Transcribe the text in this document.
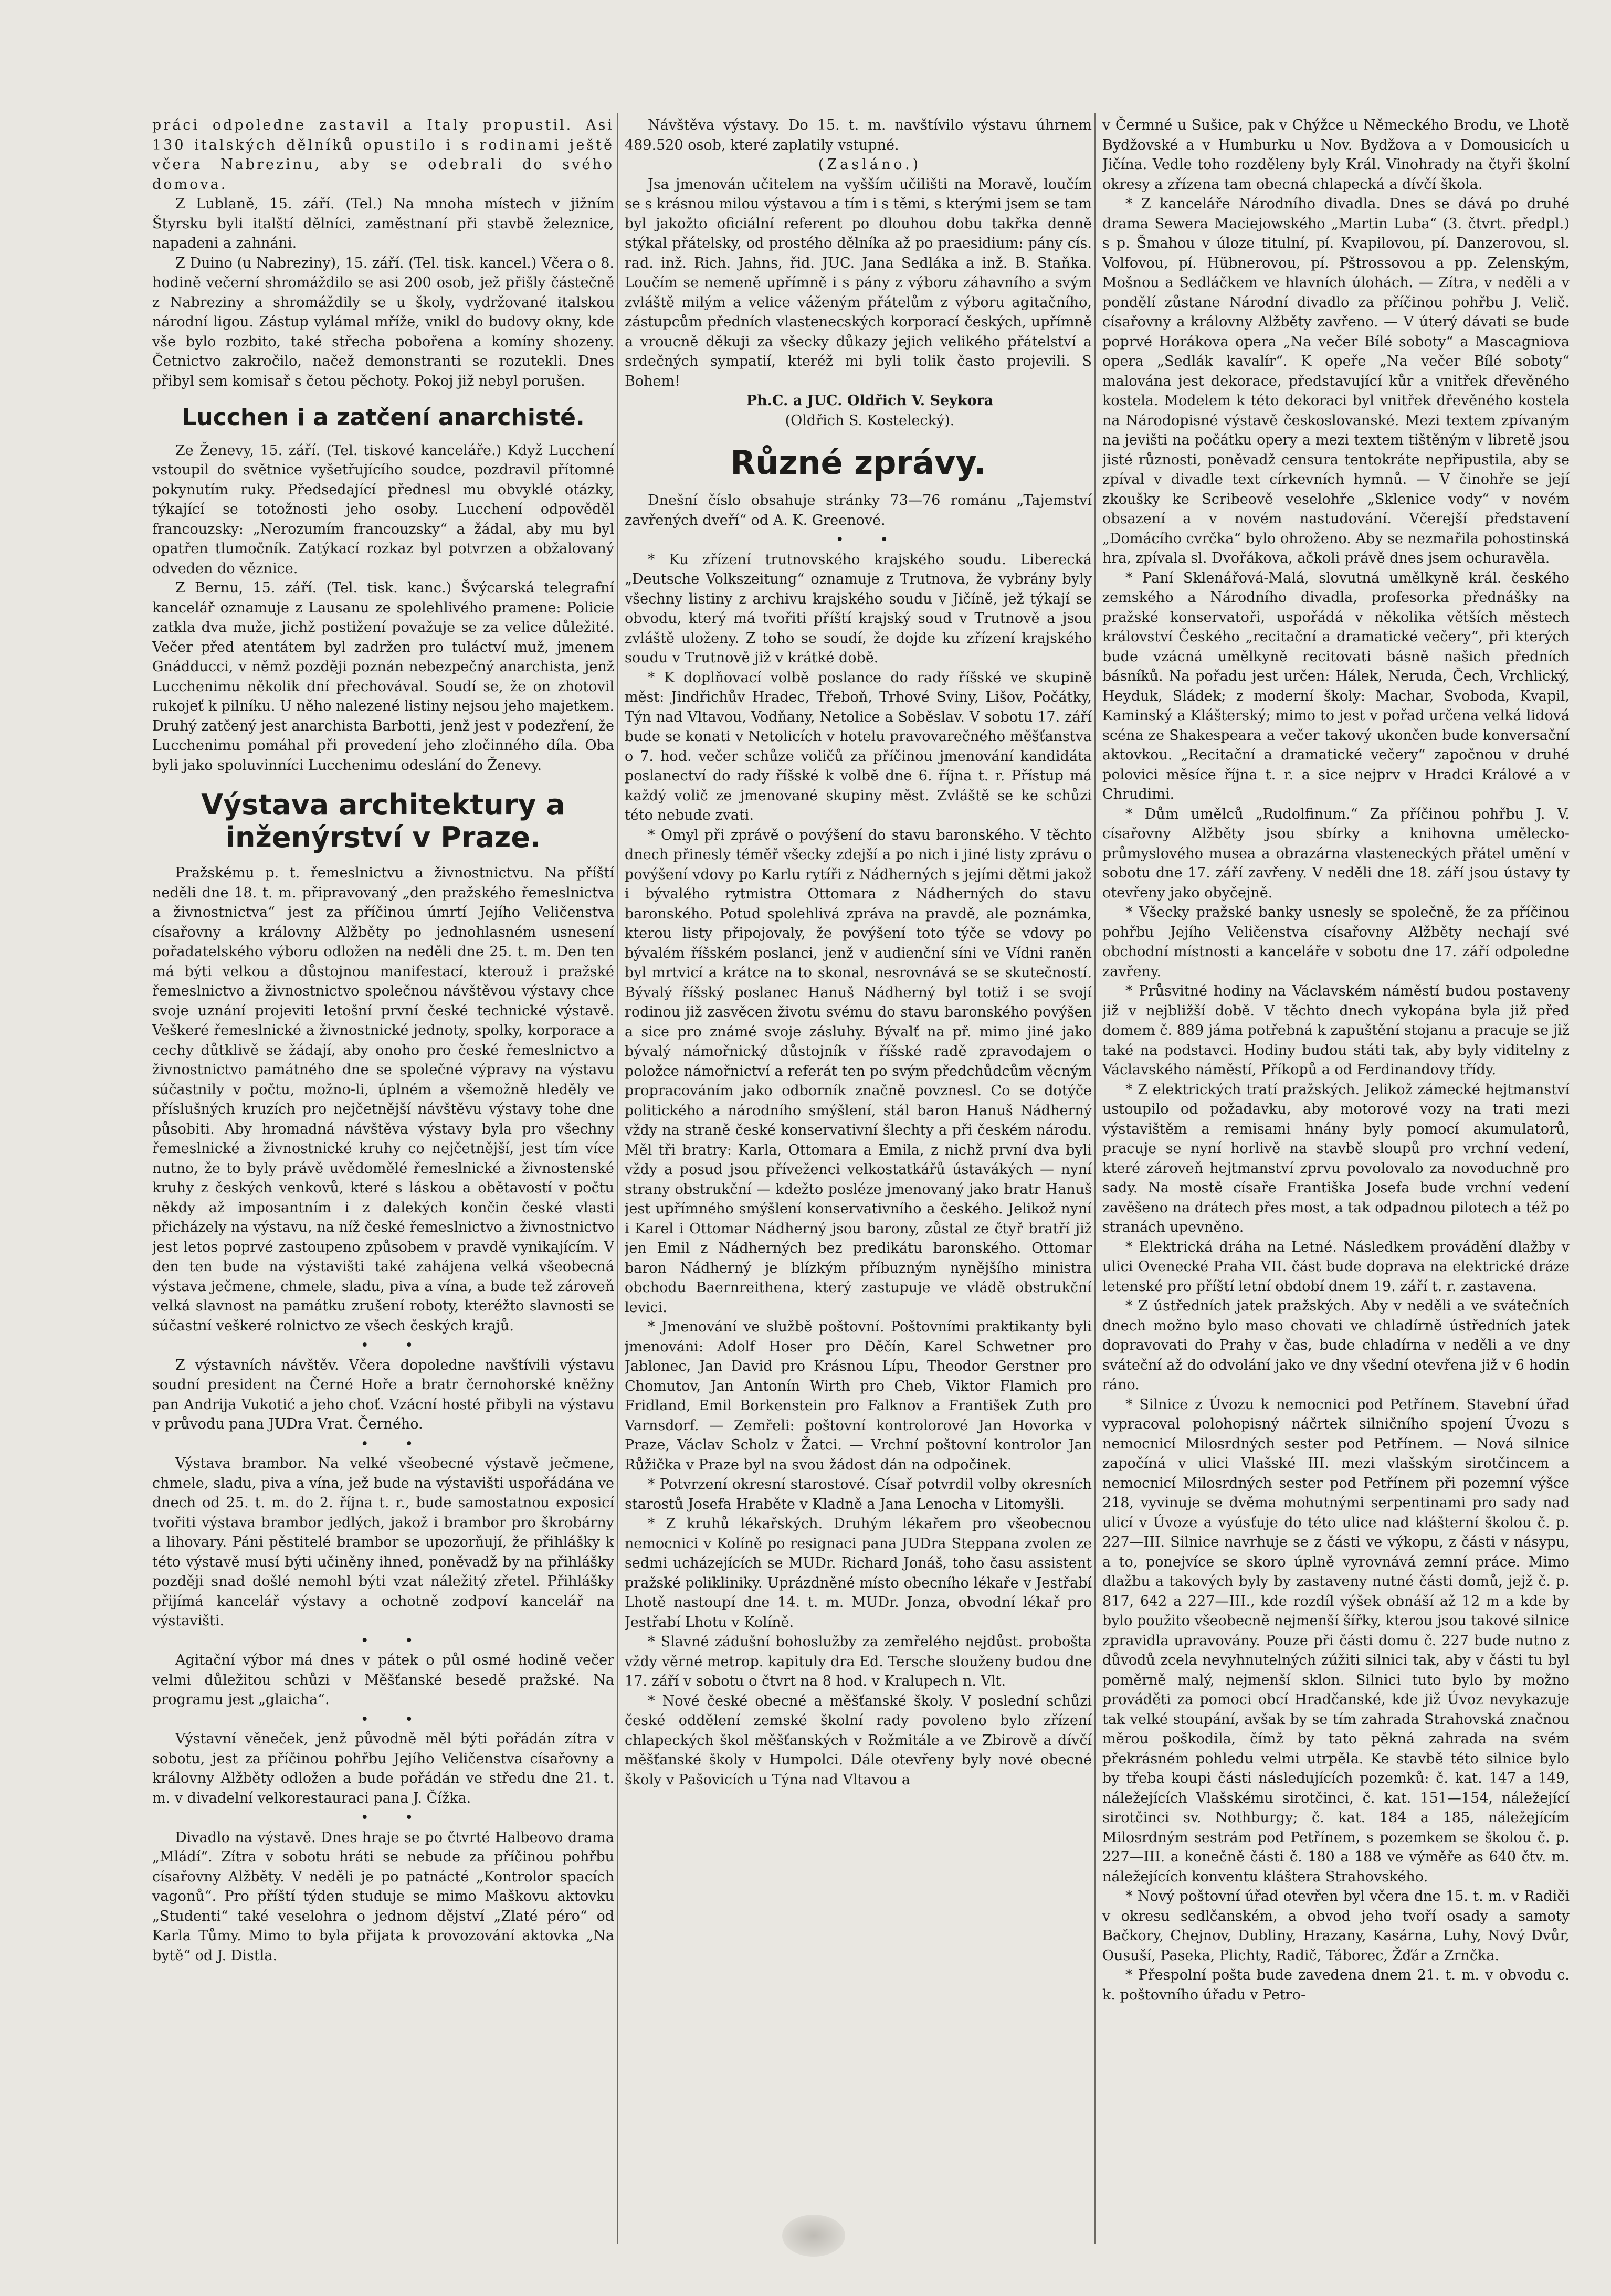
práci odpoledne zastavil a Italy propustil. Asi 130 italských dělníků opustilo i s rodinami ještě včera Nabrezinu, aby se odebrali do svého domova.

Z Lublaně, 15. září. (Tel.) Na mnoha místech v jižním Štyrsku byli italští dělníci, zaměstnaní při stavbě železnice, napadeni a zahnáni.

Z Duino (u Nabreziny), 15. září. (Tel. tisk. kancel.) Včera o 8. hodině večerní shromáždilo se asi 200 osob, jež přišly částečně z Nabreziny a shromáždily se u školy, vydržované italskou národní ligou. Zástup vylámal mříže, vnikl do budovy okny, kde vše bylo rozbito, také střecha pobořena a komíny shozeny. Četnictvo zakročilo, načež demonstranti se rozutekli. Dnes přibyl sem komisař s četou pěchoty. Pokoj již nebyl porušen.

Lucchen i a zatčení anarchisté.

Ze Ženevy, 15. září. (Tel. tiskové kanceláře.) Když Lucchení vstoupil do světnice vyšetřujícího soudce, pozdravil přítomné pokynutím ruky. Předsedající přednesl mu obvyklé otázky, týkající se totožnosti jeho osoby. Lucchení odpověděl francouzsky: „Nerozumím francouzsky“ a žádal, aby mu byl opatřen tlumočník. Zatýkací rozkaz byl potvrzen a obžalovaný odveden do věznice.

Z Bernu, 15. září. (Tel. tisk. kanc.) Švýcarská telegrafní kancelář oznamuje z Lausanu ze spolehlivého pramene: Policie zatkla dva muže, jichž postižení považuje se za velice důležité. Večer před atentátem byl zadržen pro tuláctví muž, jmenem Gnádducci, v němž později poznán nebezpečný anarchista, jenž Lucchenimu několik dní přechovával. Soudí se, že on zhotovil rukojeť k pilníku. U něho nalezené listiny nejsou jeho majetkem. Druhý zatčený jest anarchista Barbotti, jenž jest v podezření, že Lucchenimu pomáhal při provedení jeho zločinného díla. Oba byli jako spoluvinníci Lucchenimu odeslání do Ženevy.

Výstava architektury a inženýrství v Praze.

Pražskému p. t. řemeslnictvu a živnostnictvu. Na příští neděli dne 18. t. m. připravovaný „den pražského řemeslnictva a živnostnictva“ jest za příčinou úmrtí Jejího Veličenstva císařovny a královny Alžběty po jednohlasném usnesení pořadatelského výboru odložen na neděli dne 25. t. m. Den ten má býti velkou a důstojnou manifestací, kterouž i pražské řemeslnictvo a živnostnictvo společnou návštěvou výstavy chce svoje uznání projeviti letošní první české technické výstavě. Veškeré řemeslnické a živnostnické jednoty, spolky, korporace a cechy důtklivě se žádají, aby onoho pro české řemeslnictvo a živnostnictvo památného dne se společné výpravy na výstavu súčastnily v počtu, možno-li, úplném a všemožně hleděly ve příslušných kruzích pro nejčetnější návštěvu výstavy tohe dne působiti. Aby hromadná návštěva výstavy byla pro všechny řemeslnické a živnostnické kruhy co nejčetnější, jest tím více nutno, že to byly právě uvědomělé řemeslnické a živnostenské kruhy z českých venkovů, které s láskou a obětavostí v počtu někdy až imposantním i z dalekých končin české vlasti přicházely na výstavu, na níž české řemeslnictvo a živnostnictvo jest letos poprvé zastoupeno způsobem v pravdě vynikajícím. V den ten bude na výstavišti také zahájena velká všeobecná výstava ječmene, chmele, sladu, piva a vína, a bude tež zároveň velká slavnost na památku zrušení roboty, kteréžto slavnosti se súčastní veškeré rolnictvo ze všech českých krajů.

• •

Z výstavních návštěv. Včera dopoledne navštívili výstavu soudní president na Černé Hoře a bratr černohorské kněžny pan Andrija Vukotić a jeho choť. Vzácní hosté přibyli na výstavu v průvodu pana JUDra Vrat. Černého.

• •

Výstava brambor. Na velké všeobecné výstavě ječmene, chmele, sladu, piva a vína, jež bude na výstavišti uspořádána ve dnech od 25. t. m. do 2. října t. r., bude samostatnou exposicí tvořiti výstava brambor jedlých, jakož i brambor pro škrobárny a lihovary. Páni pěstitelé brambor se upozorňují, že přihlášky k této výstavě musí býti učiněny ihned, poněvadž by na přihlášky později snad došlé nemohl býti vzat náležitý zřetel. Přihlášky přijímá kancelář výstavy a ochotně zodpoví kancelář na výstavišti.

• •

Agitační výbor má dnes v pátek o půl osmé hodině večer velmi důležitou schůzi v Měšťanské besedě pražské. Na programu jest „glaicha“.

• •

Výstavní věneček, jenž původně měl býti pořádán zítra v sobotu, jest za příčinou pohřbu Jejího Veličenstva císařovny a královny Alžběty odložen a bude pořádán ve středu dne 21. t. m. v divadelní velkorestauraci pana J. Čížka.

• •

Divadlo na výstavě. Dnes hraje se po čtvrté Halbeovo drama „Mládí“. Zítra v sobotu hráti se nebude za příčinou pohřbu císařovny Alžběty. V neděli je po patnácté „Kontrolor spacích vagonů“. Pro příští týden studuje se mimo Maškovu aktovku „Studenti“ také veselohra o jednom dějství „Zlaté péro“ od Karla Tůmy. Mimo to byla přijata k provozování aktovka „Na bytě“ od J. Distla.

Návštěva výstavy. Do 15. t. m. navštívilo výstavu úhrnem 489.520 osob, které zaplatily vstupné.

(Zasláno.)

Jsa jmenován učitelem na vyšším učilišti na Moravě, loučím se s krásnou milou výstavou a tím i s těmi, s kterými jsem se tam byl jakožto oficiální referent po dlouhou dobu takřka denně stýkal přátelsky, od prostého dělníka až po praesidium: pány cís. rad. inž. Rich. Jahns, řid. JUC. Jana Sedláka a inž. B. Staňka. Loučím se nemeně upřímně i s pány z výboru záhavního a svým zvláště milým a velice váženým přátelům z výboru agitačního, zástupcům předních vlastenecských korporací českých, upřímně a vroucně děkuji za všecky důkazy jejich velikého přátelství a srdečných sympatií, kteréž mi byli tolik často projevili. S Bohem!

Ph.C. a JUC. Oldřich V. Seykora

(Oldřich S. Kostelecký).

Různé zprávy.

Dnešní číslo obsahuje stránky 73—76 románu „Tajemství zavřených dveří“ od A. K. Greenové.

• •

* Ku zřízení trutnovského krajského soudu. Liberecká „Deutsche Volkszeitung“ oznamuje z Trutnova, že vybrány byly všechny listiny z archivu krajského soudu v Jičíně, jež týkají se obvodu, který má tvořiti příští krajský soud v Trutnově a jsou zvláště uloženy. Z toho se soudí, že dojde ku zřízení krajského soudu v Trutnově již v krátké době.

* K doplňovací volbě poslance do rady říšské ve skupině měst: Jindřichův Hradec, Třeboň, Trhové Sviny, Lišov, Počátky, Týn nad Vltavou, Vodňany, Netolice a Soběslav. V sobotu 17. září bude se konati v Netolicích v hotelu pravovarečného měšťanstva o 7. hod. večer schůze voličů za příčinou jmenování kandidáta poslanectví do rady říšské k volbě dne 6. října t. r. Přístup má každý volič ze jmenované skupiny měst. Zvláště se ke schůzi této nebude zvati.

* Omyl při zprávě o povýšení do stavu baronského. V těchto dnech přinesly téměř všecky zdejší a po nich i jiné listy zprávu o povýšení vdovy po Karlu rytíři z Nádherných s jejími dětmi jakož i bývalého rytmistra Ottomara z Nádherných do stavu baronského. Potud spolehlivá zpráva na pravdě, ale poznámka, kterou listy připojovaly, že povýšení toto týče se vdovy po bývalém říšském poslanci, jenž v audienční síni ve Vídni raněn byl mrtvicí a krátce na to skonal, nesrovnává se se skutečností. Bývalý říšský poslanec Hanuš Nádherný byl totiž i se svojí rodinou již zasvěcen životu svému do stavu baronského povýšen a sice pro známé svoje zásluhy. Bývalť na př. mimo jiné jako bývalý námořnický důstojník v říšské radě zpravodajem o položce námořnictví a referát ten po svým předchůdcům věcným propracováním jako odborník značně povznesl. Co se dotýče politického a národního smýšlení, stál baron Hanuš Nádherný vždy na straně české konservativní šlechty a při českém národu. Měl tři bratry: Karla, Ottomara a Emila, z nichž první dva byli vždy a posud jsou příveženci velkostatkářů ústavákých — nyní strany obstrukční — kdežto posléze jmenovaný jako bratr Hanuš jest upřímného smýšlení konservativního a českého. Jelikož nyní i Karel i Ottomar Nádherný jsou barony, zůstal ze čtyř bratří již jen Emil z Nádherných bez predikátu baronského. Ottomar baron Nádherný je blízkým příbuzným nynějšího ministra obchodu Baernreithena, který zastupuje ve vládě obstrukční levici.

* Jmenování ve službě poštovní. Poštovními praktikanty byli jmenováni: Adolf Hoser pro Děčín, Karel Schwetner pro Jablonec, Jan David pro Krásnou Lípu, Theodor Gerstner pro Chomutov, Jan Antonín Wirth pro Cheb, Viktor Flamich pro Fridland, Emil Borkenstein pro Falknov a František Zuth pro Varnsdorf. — Zemřeli: poštovní kontrolorové Jan Hovorka v Praze, Václav Scholz v Žatci. — Vrchní poštovní kontrolor Jan Růžička v Praze byl na svou žádost dán na odpočinek.

* Potvrzení okresní starostové. Císař potvrdil volby okresních starostů Josefa Hraběte v Kladně a Jana Lenocha v Litomyšli.

* Z kruhů lékařských. Druhým lékařem pro všeobecnou nemocnici v Kolíně po resignaci pana JUDra Steppana zvolen ze sedmi ucházejících se MUDr. Richard Jonáš, toho času assistent pražské polikliniky. Uprázdněné místo obecního lékaře v Jestřabí Lhotě nastoupí dne 14. t. m. MUDr. Jonza, obvodní lékař pro Jestřabí Lhotu v Kolíně.

* Slavné zádušní bohoslužby za zemřelého nejdůst. probošta vždy věrné metrop. kapituly dra Ed. Tersche slouženy budou dne 17. září v sobotu o čtvrt na 8 hod. v Kralupech n. Vlt.

* Nové české obecné a měšťanské školy. V poslední schůzi české oddělení zemské školní rady povoleno bylo zřízení chlapeckých škol měšťanských v Rožmitále a ve Zbirově a dívčí měšťanské školy v Humpolci. Dále otevřeny byly nové obecné školy v Pašovicích u Týna nad Vltavou a

v Čermné u Sušice, pak v Chýžce u Německého Brodu, ve Lhotě Bydžovské a v Humburku u Nov. Bydžova a v Domousicích u Jičína. Vedle toho rozděleny byly Král. Vinohrady na čtyři školní okresy a zřízena tam obecná chlapecká a dívčí škola.

* Z kanceláře Národního divadla. Dnes se dává po druhé drama Sewera Maciejowského „Martin Luba“ (3. čtvrt. předpl.) s p. Šmahou v úloze titulní, pí. Kvapilovou, pí. Danzerovou, sl. Volfovou, pí. Hübnerovou, pí. Pštrossovou a pp. Zelenským, Mošnou a Sedláčkem ve hlavních úlohách. — Zítra, v neděli a v pondělí zůstane Národní divadlo za příčinou pohřbu J. Velič. císařovny a královny Alžběty zavřeno. — V úterý dávati se bude poprvé Horákova opera „Na večer Bílé soboty“ a Mascagniova opera „Sedlák kavalír“. K opeře „Na večer Bílé soboty“ malována jest dekorace, představující kůr a vnitřek dřevěného kostela. Modelem k této dekoraci byl vnitřek dřevěného kostela na Národopisné výstavě českoslovanské. Mezi textem zpívaným na jevišti na počátku opery a mezi textem tištěným v libretě jsou jisté různosti, poněvadž censura tentokráte nepřipustila, aby se zpíval v divadle text církevních hymnů. — V činohře se její zkoušky ke Scribeově veselohře „Sklenice vody“ v novém obsazení a v novém nastudování. Včerejší představení „Domácího cvrčka“ bylo ohroženo. Aby se nezmařila pohostinská hra, zpívala sl. Dvořákova, ačkoli právě dnes jsem ochuravěla.

* Paní Sklenářová-Malá, slovutná umělkyně král. českého zemského a Národního divadla, profesorka přednášky na pražské konservatoři, uspořádá v několika větších městech království Českého „recitační a dramatické večery“, při kterých bude vzácná umělkyně recitovati básně našich předních básníků. Na pořadu jest určen: Hálek, Neruda, Čech, Vrchlický, Heyduk, Sládek; z moderní školy: Machar, Svoboda, Kvapil, Kaminský a Klášterský; mimo to jest v pořad určena velká lidová scéna ze Shakespeara a večer takový ukončen bude konversační aktovkou. „Recitační a dramatické večery“ započnou v druhé polovici měsíce října t. r. a sice nejprv v Hradci Králové a v Chrudimi.

* Dům umělců „Rudolfinum.“ Za příčinou pohřbu J. V. císařovny Alžběty jsou sbírky a knihovna umělecko-průmyslového musea a obrazárna vlasteneckých přátel umění v sobotu dne 17. září zavřeny. V neděli dne 18. září jsou ústavy ty otevřeny jako obyčejně.

* Všecky pražské banky usnesly se společně, že za příčinou pohřbu Jejího Veličenstva císařovny Alžběty nechají své obchodní místnosti a kanceláře v sobotu dne 17. září odpoledne zavřeny.

* Průsvitné hodiny na Václavském náměstí budou postaveny již v nejbližší době. V těchto dnech vykopána byla již před domem č. 889 jáma potřebná k zapuštění stojanu a pracuje se již také na podstavci. Hodiny budou státi tak, aby byly viditelny z Václavského náměstí, Příkopů a od Ferdinandovy třídy.

* Z elektrických tratí pražských. Jelikož zámecké hejtmanství ustoupilo od požadavku, aby motorové vozy na trati mezi výstavištěm a remisami hnány byly pomocí akumulatorů, pracuje se nyní horlivě na stavbě sloupů pro vrchní vedení, které zároveň hejtmanství zprvu povolovalo za novoduchně pro sady. Na mostě císaře Františka Josefa bude vrchní vedení zavěšeno na drátech přes most, a tak odpadnou pilotech a též po stranách upevněno.

* Elektrická dráha na Letné. Následkem provádění dlažby v ulici Ovenecké Praha VII. část bude doprava na elektrické dráze letenské pro příští letní období dnem 19. září t. r. zastavena.

* Z ústředních jatek pražských. Aby v neděli a ve svátečních dnech možno bylo maso chovati ve chladírně ústředních jatek dopravovati do Prahy v čas, bude chladírna v neděli a ve dny sváteční až do odvolání jako ve dny všední otevřena již v 6 hodin ráno.

* Silnice z Úvozu k nemocnici pod Petřínem. Stavební úřad vypracoval polohopisný náčrtek silničního spojení Úvozu s nemocnicí Milosrdných sester pod Petřínem. — Nová silnice započíná v ulici Vlašské III. mezi vlašským sirotčincem a nemocnicí Milosrdných sester pod Petřínem při pozemní výšce 218, vyvinuje se dvěma mohutnými serpentinami pro sady nad ulicí v Úvoze a vyúsťuje do této ulice nad klášterní školou č. p. 227—III. Silnice navrhuje se z části ve výkopu, z části v násypu, a to, ponejvíce se skoro úplně vyrovnává zemní práce. Mimo dlažbu a takových byly by zastaveny nutné části domů, jejž č. p. 817, 642 a 227—III., kde rozdíl výšek obnáší až 12 m a kde by bylo použito všeobecně nejmenší šířky, kterou jsou takové silnice zpravidla upravovány. Pouze při části domu č. 227 bude nutno z důvodů zcela nevyhnutelných zúžiti silnici tak, aby v části tu byl poměrně malý, nejmenší sklon. Silnici tuto bylo by možno prováděti za pomoci obcí Hradčanské, kde již Úvoz nevykazuje tak velké stoupání, avšak by se tím zahrada Strahovská značnou měrou poškodila, čímž by tato pěkná zahrada na svém překrásném pohledu velmi utrpěla. Ke stavbě této silnice bylo by třeba koupi části následujících pozemků: č. kat. 147 a 149, náležejících Vlašskému sirotčinci, č. kat. 151—154, náležející sirotčinci sv. Nothburgy; č. kat. 184 a 185, náležejícím Milosrdným sestrám pod Petřínem, s pozemkem se školou č. p. 227—III. a konečně části č. 180 a 188 ve výměře as 640 čtv. m. náležejících konventu kláštera Strahovského.

* Nový poštovní úřad otevřen byl včera dne 15. t. m. v Radiči v okresu sedlčanském, a obvod jeho tvoří osady a samoty Bačkory, Chejnov, Dubliny, Hrazany, Kasárna, Luhy, Nový Dvůr, Ousuší, Paseka, Plichty, Radič, Táborec, Žďár a Zrnčka.

* Přespolní pošta bude zavedena dnem 21. t. m. v obvodu c. k. poštovního úřadu v Petro-
